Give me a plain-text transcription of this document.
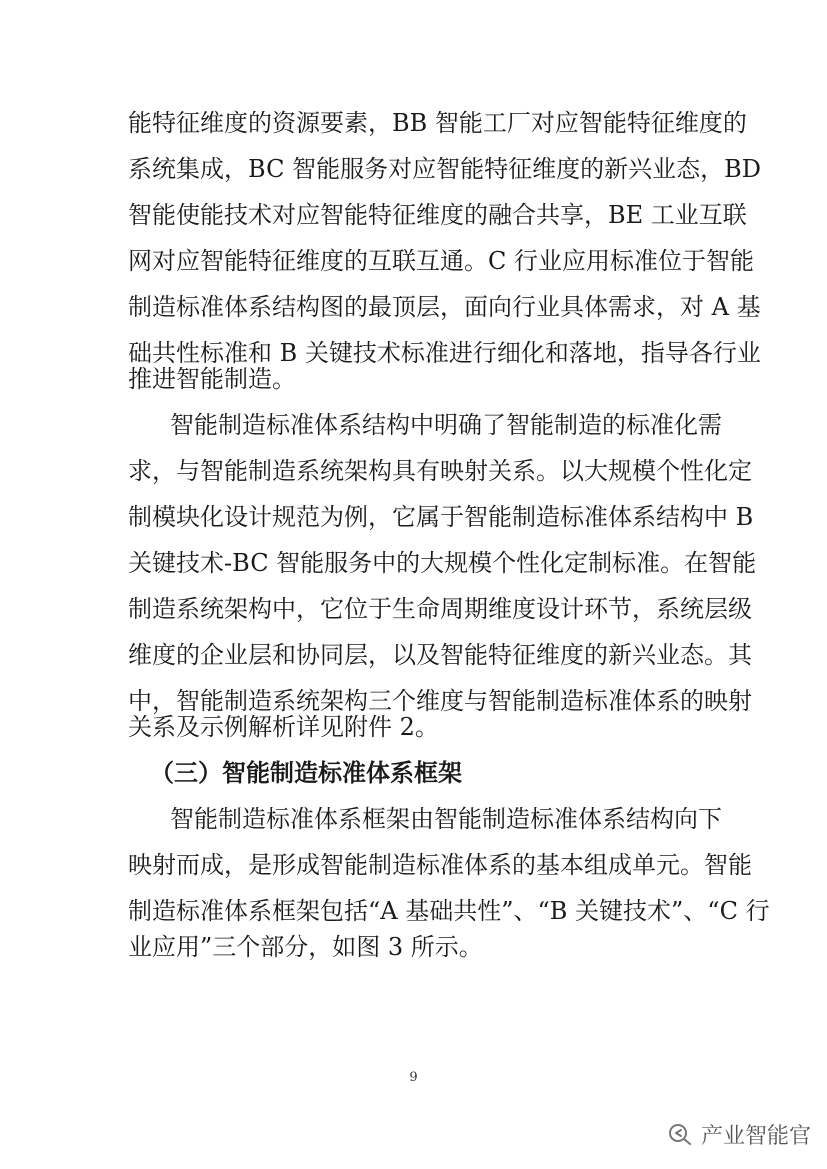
能特征维度的资源要素，BB 智能工厂对应智能特征维度的
系统集成，BC 智能服务对应智能特征维度的新兴业态，BD
智能使能技术对应智能特征维度的融合共享，BE 工业互联
网对应智能特征维度的互联互通。C 行业应用标准位于智能
制造标准体系结构图的最顶层，面向行业具体需求，对 A 基
础共性标准和 B 关键技术标准进行细化和落地，指导各行业
推进智能制造。
智能制造标准体系结构中明确了智能制造的标准化需
求，与智能制造系统架构具有映射关系。以大规模个性化定
制模块化设计规范为例，它属于智能制造标准体系结构中 B
关键技术-BC 智能服务中的大规模个性化定制标准。在智能
制造系统架构中，它位于生命周期维度设计环节，系统层级
维度的企业层和协同层，以及智能特征维度的新兴业态。其
中，智能制造系统架构三个维度与智能制造标准体系的映射
关系及示例解析详见附件 2。
（三）智能制造标准体系框架
智能制造标准体系框架由智能制造标准体系结构向下
映射而成，是形成智能制造标准体系的基本组成单元。智能
制造标准体系框架包括“A 基础共性”、“B 关键技术”、“C 行
业应用”三个部分，如图 3 所示。
9
产业智能官
